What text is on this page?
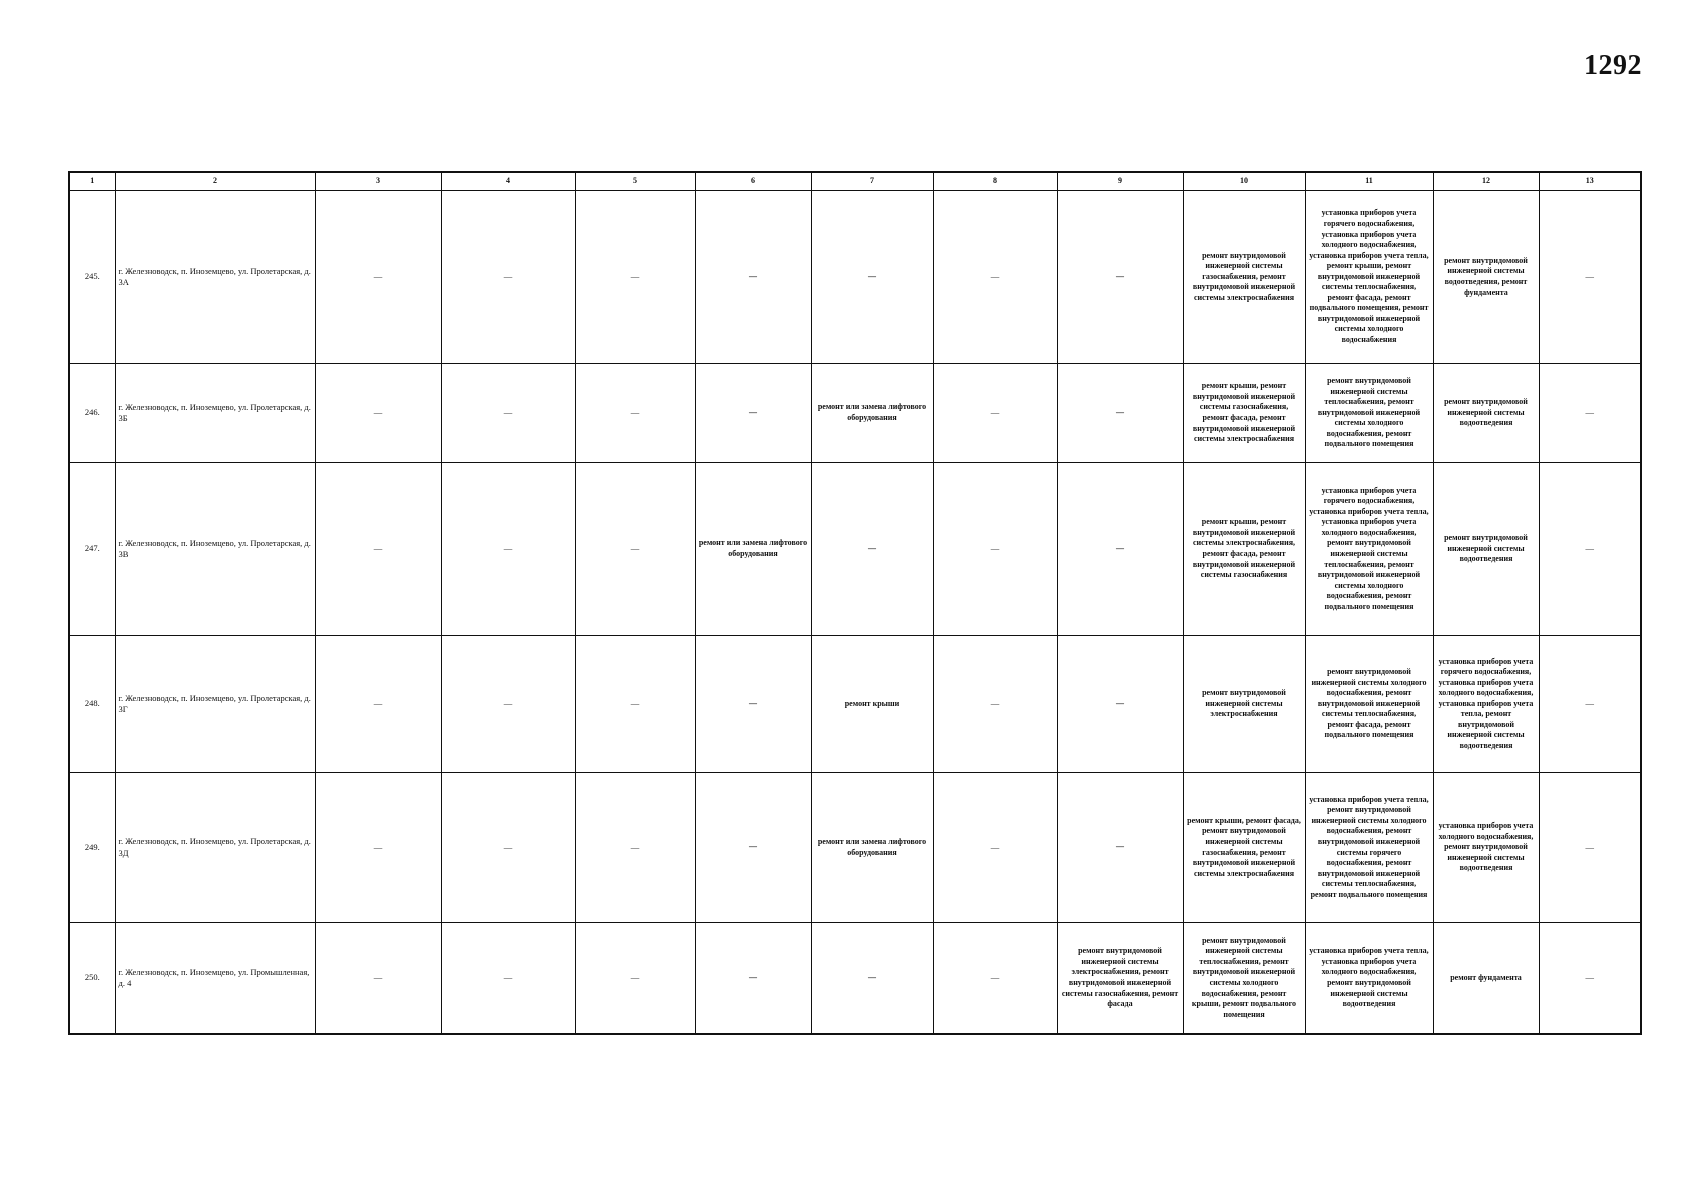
1292
1	2	3	4	5	6	7	8	9	10	11	12	13
245.	г. Железноводск, п. Иноземцево, ул. Пролетарская, д. 3А	—	—	—	—	—	—	—	ремонт внутридомовой инженерной системы газоснабжения, ремонт внутридомовой инженерной системы электроснабжения	установка приборов учета горячего водоснабжения, установка приборов учета холодного водоснабжения, установка приборов учета тепла, ремонт крыши, ремонт внутридомовой инженерной системы теплоснабжения, ремонт фасада, ремонт подвального помещения, ремонт внутридомовой инженерной системы холодного водоснабжения	ремонт внутридомовой инженерной системы водоотведения, ремонт фундамента	—
246.	г. Железноводск, п. Иноземцево, ул. Пролетарская, д. 3Б	—	—	—	—	ремонт или замена лифтового оборудования	—	—	ремонт крыши, ремонт внутридомовой инженерной системы газоснабжения, ремонт фасада, ремонт внутридомовой инженерной системы электроснабжения	ремонт внутридомовой инженерной системы теплоснабжения, ремонт внутридомовой инженерной системы холодного водоснабжения, ремонт подвального помещения	ремонт внутридомовой инженерной системы водоотведения	—
247.	г. Железноводск, п. Иноземцево, ул. Пролетарская, д. 3В	—	—	—	ремонт или замена лифтового оборудования	—	—	—	ремонт крыши, ремонт внутридомовой инженерной системы электроснабжения, ремонт фасада, ремонт внутридомовой инженерной системы газоснабжения	установка приборов учета горячего водоснабжения, установка приборов учета тепла, установка приборов учета холодного водоснабжения, ремонт внутридомовой инженерной системы теплоснабжения, ремонт внутридомовой инженерной системы холодного водоснабжения, ремонт подвального помещения	ремонт внутридомовой инженерной системы водоотведения	—
248.	г. Железноводск, п. Иноземцево, ул. Пролетарская, д. 3Г	—	—	—	—	ремонт крыши	—	—	ремонт внутридомовой инженерной системы электроснабжения	ремонт внутридомовой инженерной системы холодного водоснабжения, ремонт внутридомовой инженерной системы теплоснабжения, ремонт фасада, ремонт подвального помещения	установка приборов учета горячего водоснабжения, установка приборов учета холодного водоснабжения, установка приборов учета тепла, ремонт внутридомовой инженерной системы водоотведения	—
249.	г. Железноводск, п. Иноземцево, ул. Пролетарская, д. 3Д	—	—	—	—	ремонт или замена лифтового оборудования	—	—	ремонт крыши, ремонт фасада, ремонт внутридомовой инженерной системы газоснабжения, ремонт внутридомовой инженерной системы электроснабжения	установка приборов учета тепла, ремонт внутридомовой инженерной системы холодного водоснабжения, ремонт внутридомовой инженерной системы горячего водоснабжения, ремонт внутридомовой инженерной системы теплоснабжения, ремонт подвального помещения	установка приборов учета холодного водоснабжения, ремонт внутридомовой инженерной системы водоотведения	—
250.	г. Железноводск, п. Иноземцево, ул. Промышленная, д. 4	—	—	—	—	—	—	ремонт внутридомовой инженерной системы электроснабжения, ремонт внутридомовой инженерной системы газоснабжения, ремонт фасада	ремонт внутридомовой инженерной системы теплоснабжения, ремонт внутридомовой инженерной системы холодного водоснабжения, ремонт крыши, ремонт подвального помещения	установка приборов учета тепла, установка приборов учета холодного водоснабжения, ремонт внутридомовой инженерной системы водоотведения	ремонт фундамента	—
